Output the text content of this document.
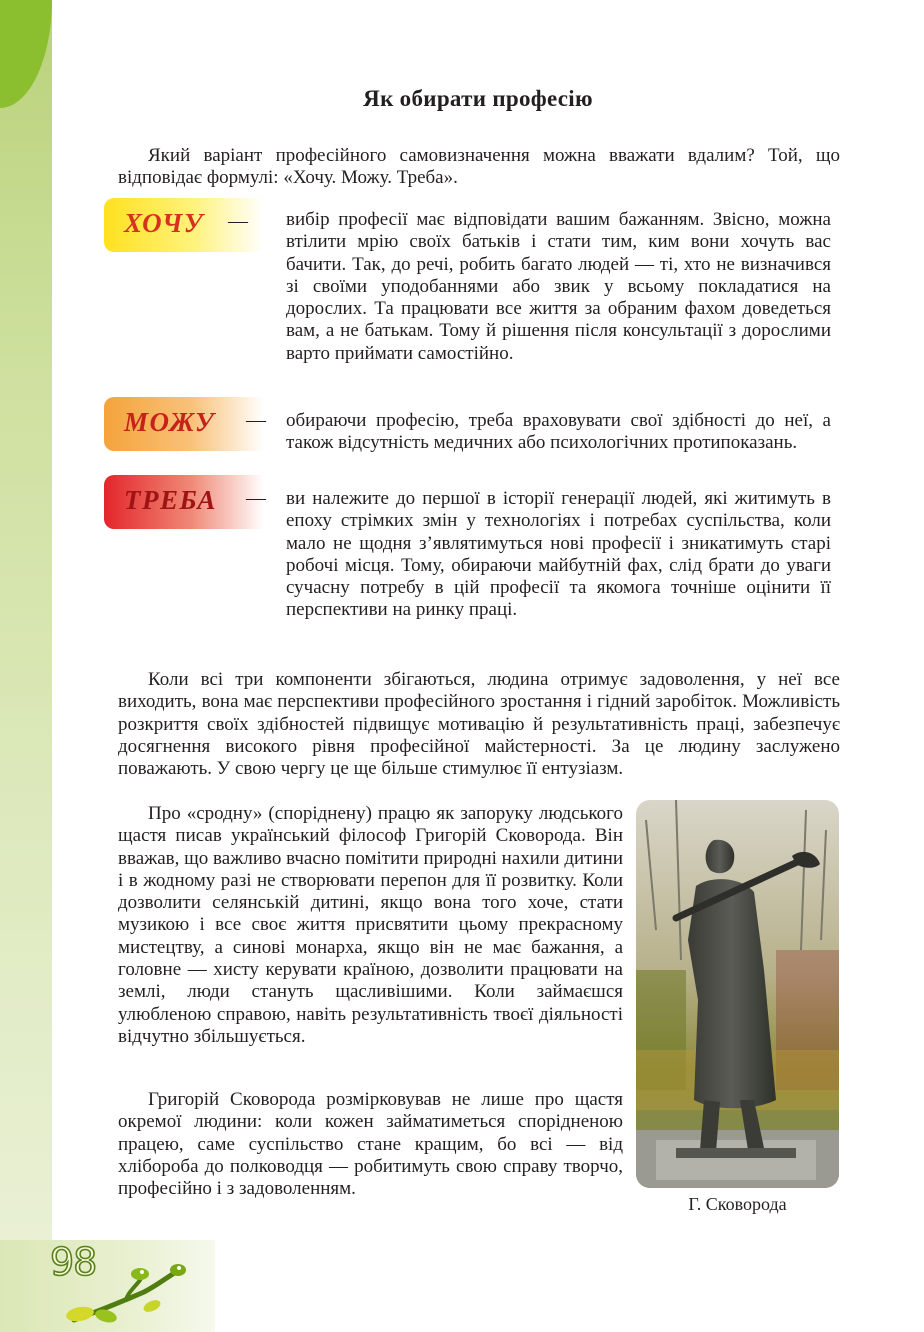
98
Як обирати професію
Який варіант професійного самовизначення можна вважати вдалим? Той, що відповідає формулі: «Хочу. Можу. Треба».
ХОЧУ — вибір професії має відповідати вашим бажанням. Звісно, можна втілити мрію своїх батьків і стати тим, ким вони хочуть вас бачити. Так, до речі, робить багато людей — ті, хто не визначився зі своїми уподобаннями або звик у всьому покладатися на дорослих. Та працювати все життя за обраним фахом доведеться вам, а не батькам. Тому й рішення після консультації з дорослими варто приймати самостійно.
МОЖУ — обираючи професію, треба враховувати свої здібності до неї, а також відсутність медичних або психологічних протипоказань.
ТРЕБА — ви належите до першої в історії генерації людей, які житимуть в епоху стрімких змін у технологіях і потребах суспільства, коли мало не щодня з’являтимуться нові професії і зникатимуть старі робочі місця. Тому, обираючи майбутній фах, слід брати до уваги сучасну потребу в цій професії та якомога точніше оцінити її перспективи на ринку праці.
Коли всі три компоненти збігаються, людина отримує задоволення, у неї все виходить, вона має перспективи професійного зростання і гідний заробіток. Можливість розкриття своїх здібностей підвищує мотивацію й результативність праці, забезпечує досягнення високого рівня професійної майстерності. За це людину заслужено поважають. У свою чергу це ще більше стимулює її ентузіазм.
Про «сродну» (споріднену) працю як запоруку людського щастя писав український філософ Григорій Сковорода. Він вважав, що важливо вчасно помітити природні нахили дитини і в жодному разі не створювати перепон для її розвитку. Коли дозволити селянській дитині, якщо вона того хоче, стати музикою і все своє життя присвятити цьому прекрасному мистецтву, а синові монарха, якщо він не має бажання, а головне — хисту керувати країною, дозволити працювати на землі, люди стануть щасливішими. Коли займаєшся улюбленою справою, навіть результативність твоєї діяльності відчутно збільшується.
Григорій Сковорода розмірковував не лише про щастя окремої людини: коли кожен займатиметься спорідненою працею, саме суспільство стане кращим, бо всі — від хлібороба до полководця — робитимуть свою справу творчо, професійно і з задоволенням.
Г. Сковорода
